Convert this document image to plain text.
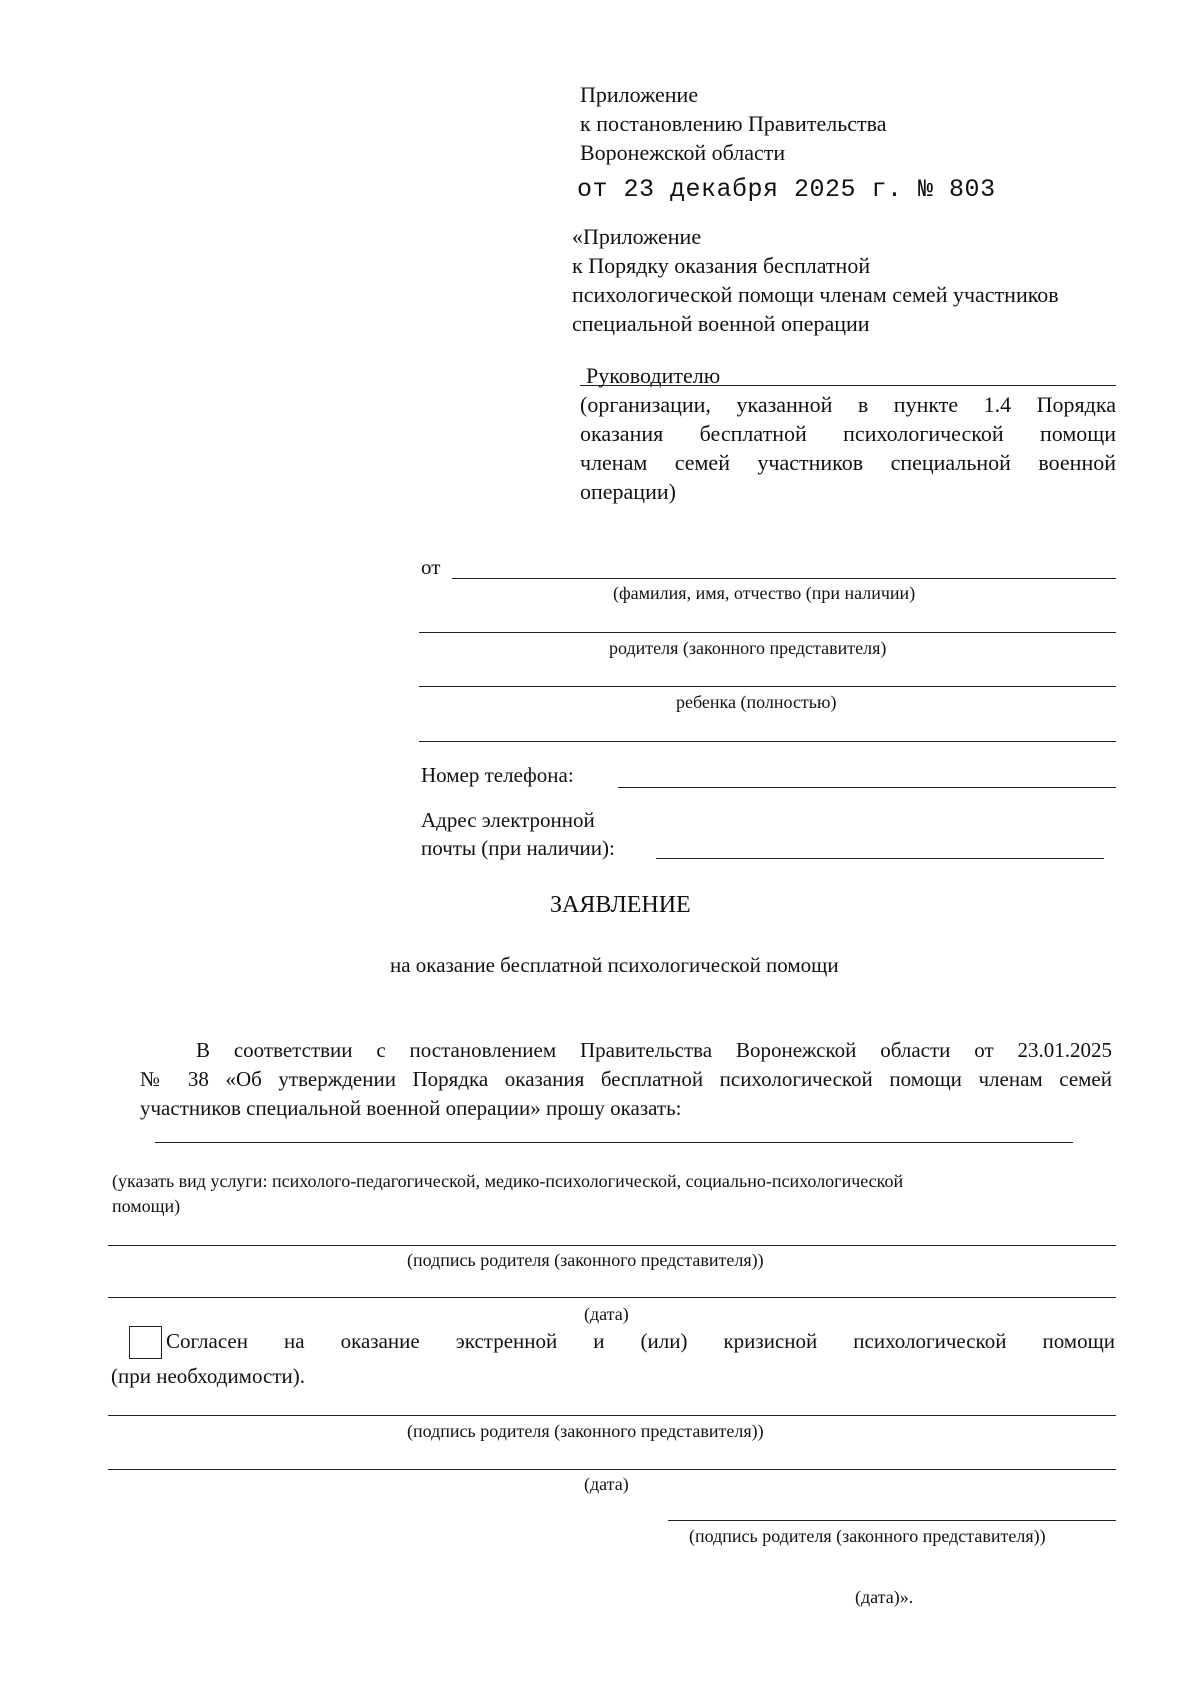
Приложение
к постановлению Правительства
Воронежской области
от 23 декабря 2025 г. № 803
«Приложение
к Порядку оказания бесплатной
психологической помощи членам семей участников
специальной военной операции
Руководителю
(организации, указанной в пункте 1.4 Порядка
оказания бесплатной психологической помощи
членам семей участников специальной военной
операции)
от
(фамилия, имя, отчество (при наличии)
родителя (законного представителя)
ребенка (полностью)
Номер телефона:
Адрес электронной
почты (при наличии):
ЗАЯВЛЕНИЕ
на оказание бесплатной психологической помощи
В соответствии с постановлением Правительства Воронежской области от 23.01.2025
№ 38 «Об утверждении Порядка оказания бесплатной психологической помощи членам семей
участников специальной военной операции» прошу оказать:
(указать вид услуги: психолого-педагогической, медико-психологической, социально-психологической
помощи)
(подпись родителя (законного представителя))
(дата)
Согласен на оказание экстренной и (или) кризисной психологической помощи
(при необходимости).
(подпись родителя (законного представителя))
(дата)
(подпись родителя (законного представителя))
(дата)».
